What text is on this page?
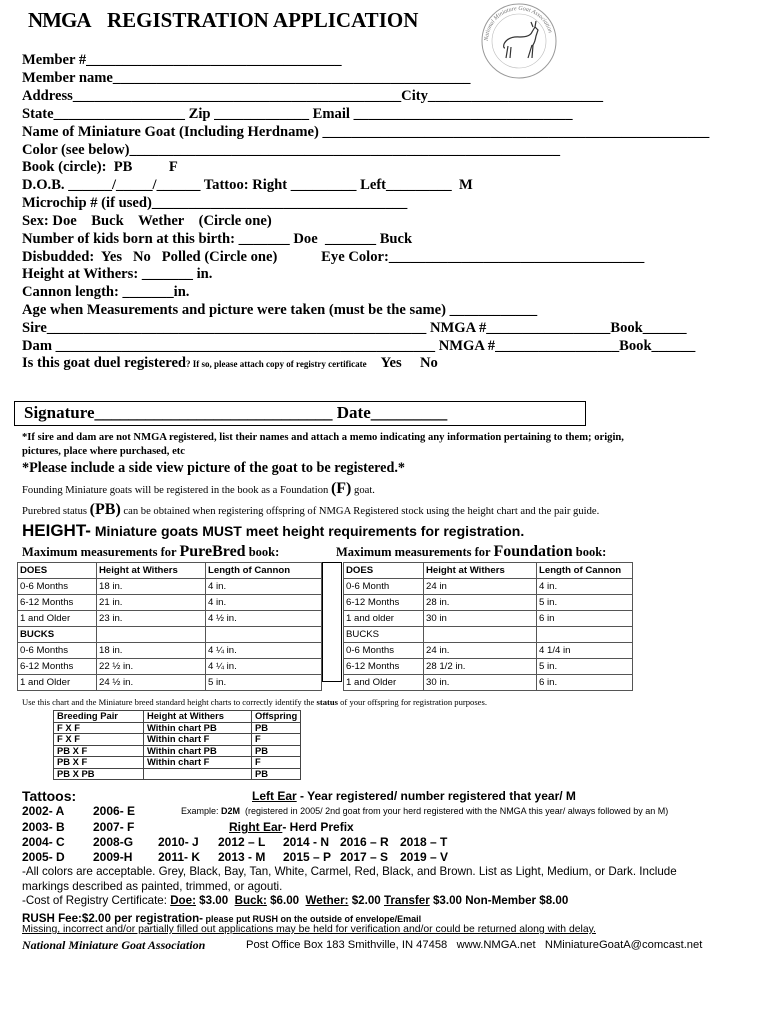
NMGA REGISTRATION APPLICATION
National Miniature Goat Association
Member #___________________________________
Member name_________________________________________________
Address_____________________________________________City________________________
State__________________ Zip _____________ Email ______________________________
Name of Miniature Goat (Including Herdname) _____________________________________________________
Color (see below)___________________________________________________________
Book (circle):  PB          F
D.O.B. ______/_____/______ Tattoo: Right _________ Left_________  M
Microchip # (if used)___________________________________
Sex: Doe    Buck    Wether    (Circle one)
Number of kids born at this birth: _______ Doe  _______ Buck
Disbudded:  Yes   No   Polled (Circle one)            Eye Color:___________________________________
Height at Withers: _______ in.
Cannon length: _______in.
Age when Measurements and picture were taken (must be the same) ____________
Sire____________________________________________________ NMGA #_________________Book______
Dam ____________________________________________________ NMGA #_________________Book______
Is this goat duel registered? If so, please attach copy of registry certificate Yes No
Signature____________________________ Date_________
*If sire and dam are not NMGA registered, list their names and attach a memo indicating any information pertaining to them; origin,
pictures, place where purchased, etc
*Please include a side view picture of the goat to be registered.*
Founding Miniature goats will be registered in the book as a Foundation (F) goat.
Purebred status (PB) can be obtained when registering offspring of NMGA Registered stock using the height chart and the pair guide.
HEIGHT- Miniature goats MUST meet height requirements for registration.
Maximum measurements for PureBred book:	Maximum measurements for Foundation book:
DOES	Height at Withers	Length of Cannon
0-6 Months	18 in.	4 in.
6-12 Months	21 in.	4 in.
1 and Older	23 in.	4 ½ in.
BUCKS		
0-6 Months	18 in.	4 ¼ in.
6-12 Months	22 ½ in.	4 ¼ in.
1 and Older	24 ½ in.	5 in.
DOES	Height at Withers	Length of Cannon
0-6 Month	24 in	4 in.
6-12 Months	28 in.	5 in.
1 and older	30 in	6 in
BUCKS		
0-6 Months	24 in.	4 1/4 in
6-12 Months	28 1/2 in.	5 in.
1 and Older	30 in.	6 in.
Use this chart and the Miniature breed standard height charts to correctly identify the status of your offspring for registration purposes.
Breeding Pair	Height at Withers	Offspring
F X F	Within chart PB	PB
F X F	Within chart F	F
PB X F	Within chart PB	PB
PB X F	Within chart F	F
PB X PB		PB
Tattoos:	Left Ear - Year registered/ number registered that year/ M
2002- A 2006- E	Example: D2M  (registered in 2005/ 2nd goat from your herd registered with the NMGA this year/ always followed by an M)
2003- B 2007- F	Right Ear- Herd Prefix
2004- C 2008-G 2010- J 2012 – L 2014 - N 2016 – R 2018 – T
2005- D 2009-H 2011- K 2013 - M 2015 – P 2017 – S 2019 – V
-All colors are acceptable. Grey, Black, Bay, Tan, White, Carmel, Red, Black, and Brown. List as Light, Medium, or Dark. Include
markings described as painted, trimmed, or agouti.
-Cost of Registry Certificate: Doe: $3.00  Buck: $6.00  Wether: $2.00 Transfer $3.00 Non-Member $8.00
RUSH Fee:$2.00 per registration- please put RUSH on the outside of envelope/Email
Missing, incorrect and/or partially filled out applications may be held for verification and/or could be returned along with delay.
National Miniature Goat Association	Post Office Box 183 Smithville, IN 47458   www.NMGA.net   NMiniatureGoatA@comcast.net
